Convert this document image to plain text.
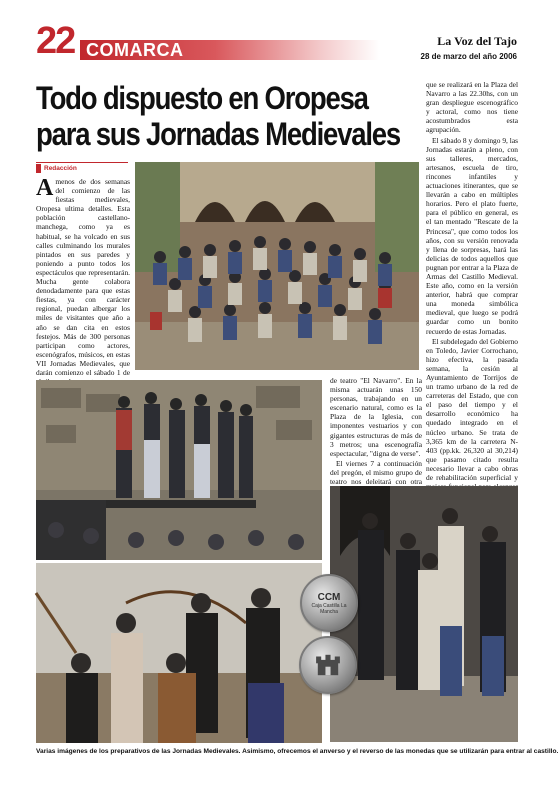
22 COMARCA	La Voz del Tajo
28 de marzo del año 2006
Todo dispuesto en Oropesa
para sus Jornadas Medievales
Redacción

Amenos de dos semanas del comienzo de las fiestas medievales, Oropesa ultima detalles. Esta población castellano-manchega, como ya es habitual, se ha volcado en sus calles culminando los murales pintados en sus paredes y poniendo a punto todos los espectáculos que representarán. Mucha gente colabora denodadamente para que estas fiestas, ya con carácter regional, puedan albergar los miles de visitantes que año a año se dan cita en estos festejos. Más de 300 personas participan como actores, escenógrafos, músicos, en estas VII Jornadas Medievales, que darán comienzo el sábado 1 de

que se realizará en la Plaza del Navarro a las 22.30hs, con un gran despliegue escenográfico y actoral, como nos tiene acostumbrados esta agrupación.

El sábado 8 y domingo 9, las Jornadas estarán a pleno, con sus talleres, mercados, artesanos, escuela de tiro, rincones infantiles y actuaciones itinerantes, que se llevarán a cabo en múltiples horarios. Pero el plato fuerte, para el público en general, es el tan mentado "Rescate de la Princesa", que como todos los años, con su versión renovada y llena de sorpresas, hará las delicias de todos aquellos que pugnan por entrar a la Plaza de Armas del Castillo Medieval. Este año, como en la versión anterior, habrá que comprar una moneda simbólica medieval, que luego se podrá guardar como un bonito recuerdo de estas Jornadas.

El subdelegado del Gobierno en Toledo, Javier Corrochano, hizo efectiva, la pasada semana, la cesión al Ayuntamiento de Torrijos de un tramo urbano de la red de carreteras del Estado, que con el paso del tiempo y el desarrollo económico ha quedado integrado en el núcleo urbano. Se trata de 3,365 km de la carretera N-403 (pp.kk. 26,320 al 30,214) que pasamo citado resulta necesario llevar a cabo obras de rehabilitación superficial y

de teatro "El Navarro". En la misma actuarán unas 150 personas, trabajando en un escenario natural, como es la Plaza de la Iglesia, con imponentes vestuarios y con gigantes estructuras de más de 3 metros; una escenografía espectacular, "digna de verse".

El viernes 7 a continuación del pregón, el mismo grupo de teatro nos deleitará con otra

CCM
Caja Castilla La Mancha
Varias imágenes de los preparativos de las Jornadas Medievales. Asimismo, ofrecemos el anverso y el reverso de las monedas que se utilizarán para entrar al castillo.
